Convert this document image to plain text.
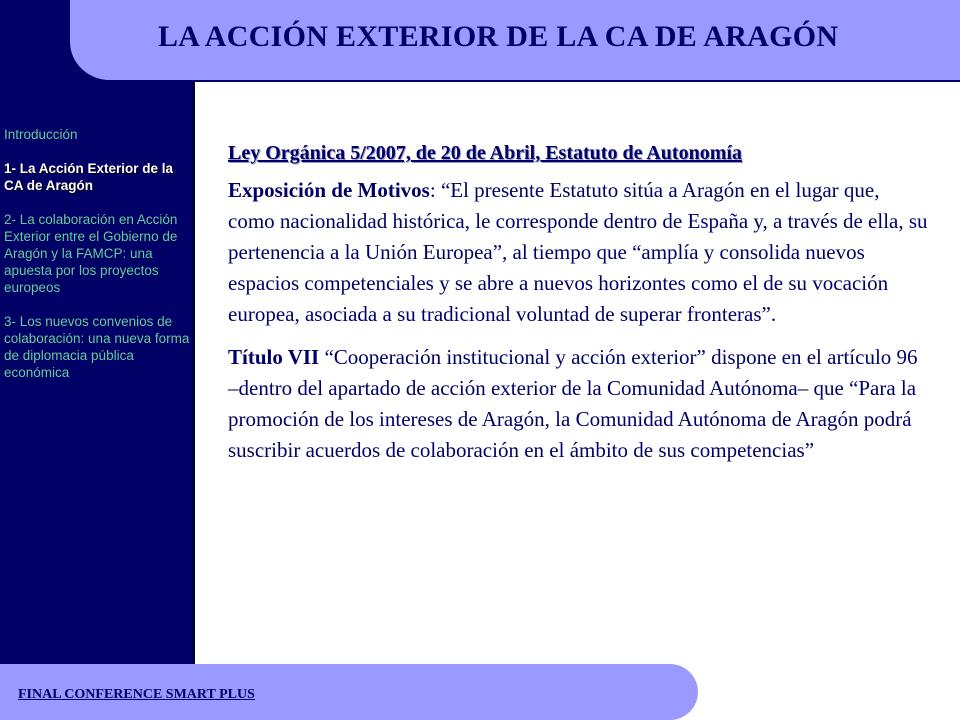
LA ACCIÓN EXTERIOR DE LA CA DE ARAGÓN
Introducción
1- La Acción Exterior de la CA de Aragón
2- La colaboración en Acción Exterior entre el Gobierno de Aragón y la FAMCP: una apuesta por los proyectos europeos
3- Los nuevos convenios de colaboración: una nueva forma de diplomacia pública económica
Ley Orgánica 5/2007, de 20 de Abril, Estatuto de Autonomía

Exposición de Motivos: “El presente Estatuto sitúa a Aragón en el lugar que, como nacionalidad histórica, le corresponde dentro de España y, a través de ella, su pertenencia a la Unión Europea”, al tiempo que “amplía y consolida nuevos espacios competenciales y se abre a nuevos horizontes como el de su vocación europea, asociada a su tradicional voluntad de superar fronteras”.

Título VII “Cooperación institucional y acción exterior” dispone en el artículo 96 –dentro del apartado de acción exterior de la Comunidad Autónoma– que “Para la promoción de los intereses de Aragón, la Comunidad Autónoma de Aragón podrá suscribir acuerdos de colaboración en el ámbito de sus competencias”

FINAL CONFERENCE SMART PLUS
